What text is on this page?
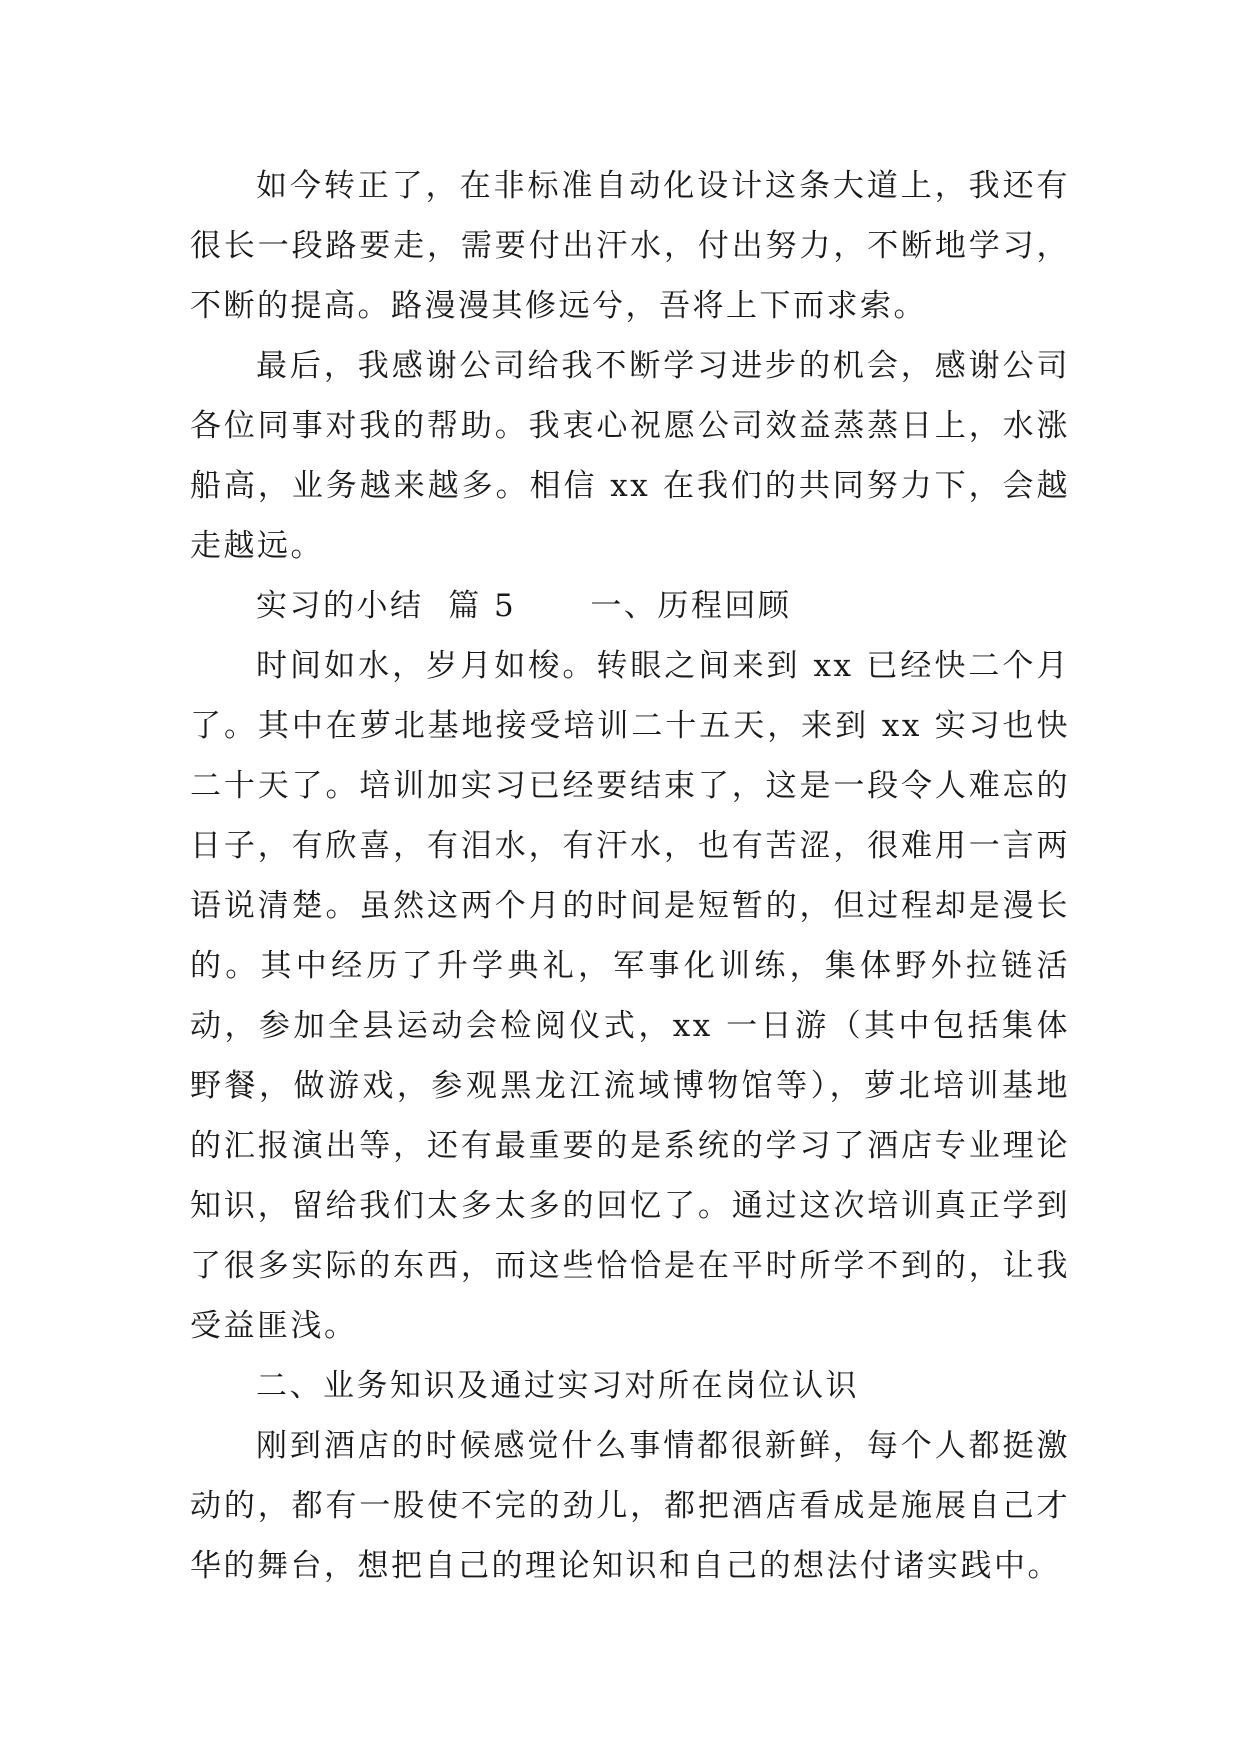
如今转正了，在非标准自动化设计这条大道上，我还有很长一段路要走，需要付出汗水，付出努力，不断地学习，不断的提高。路漫漫其修远兮，吾将上下而求索。

最后，我感谢公司给我不断学习进步的机会，感谢公司各位同事对我的帮助。我衷心祝愿公司效益蒸蒸日上，水涨船高，业务越来越多。相信 xx 在我们的共同努力下，会越走越远。

实习的小结  篇 5 一、历程回顾

时间如水，岁月如梭。转眼之间来到 xx 已经快二个月了。其中在萝北基地接受培训二十五天，来到 xx 实习也快二十天了。培训加实习已经要结束了，这是一段令人难忘的日子，有欣喜，有泪水，有汗水，也有苦涩，很难用一言两语说清楚。虽然这两个月的时间是短暂的，但过程却是漫长的。其中经历了升学典礼，军事化训练，集体野外拉链活动，参加全县运动会检阅仪式，xx 一日游（其中包括集体野餐，做游戏，参观黑龙江流域博物馆等），萝北培训基地的汇报演出等，还有最重要的是系统的学习了酒店专业理论知识，留给我们太多太多的回忆了。通过这次培训真正学到了很多实际的东西，而这些恰恰是在平时所学不到的，让我受益匪浅。

二、业务知识及通过实习对所在岗位认识

刚到酒店的时候感觉什么事情都很新鲜，每个人都挺激动的，都有一股使不完的劲儿，都把酒店看成是施展自己才华的舞台，想把自己的理论知识和自己的想法付诸实践中。
